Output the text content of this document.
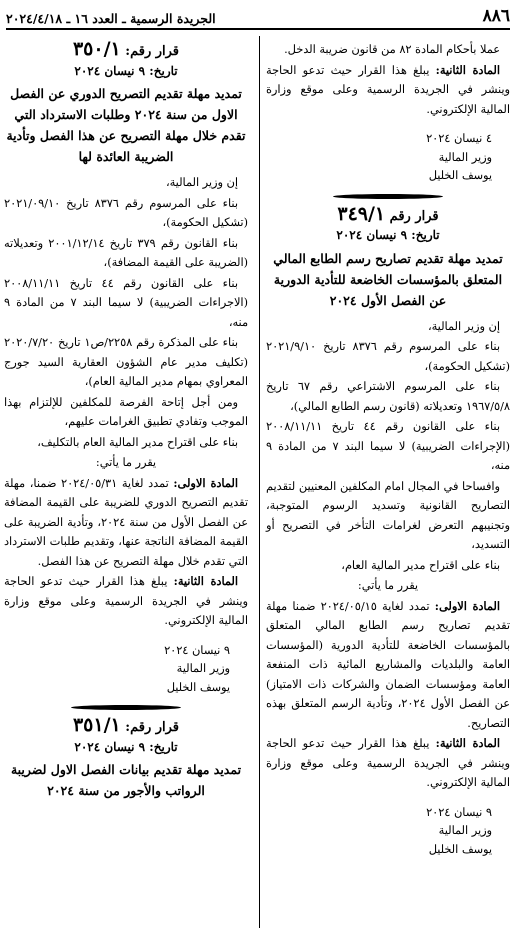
٨٨٦
الجريدة الرسمية ـ العدد ١٦ ـ ٢٠٢٤/٤/١٨

عملا بأحكام المادة ٨٢ من قانون ضريبة الدخل.

المادة الثانية: يبلغ هذا القرار حيث تدعو الحاجة وينشر في الجريدة الرسمية وعلى موقع وزارة المالية الإلكتروني.

٤ نيسان ٢٠٢٤

وزير المالية

يوسف الخليل

قرار رقم ٣٤٩/١

تاريخ: ٩ نيسان ٢٠٢٤

تمديد مهلة تقديم تصاريح رسم الطابع المالي المتعلق بالمؤسسات الخاضعة للتأدية الدورية عن الفصل الأول ٢٠٢٤

إن وزير المالية،

بناء على المرسوم رقم ٨٣٧٦ تاريخ ٢٠٢١/٩/١٠ (تشكيل الحكومة)،

بناء على المرسوم الاشتراعي رقم ٦٧ تاريخ ١٩٦٧/٥/٨ وتعديلاته (قانون رسم الطابع المالي)،

بناء على القانون رقم ٤٤ تاريخ ٢٠٠٨/١١/١١ (الإجراءات الضريبية) لا سيما البند ٧ من المادة ٩ منه،

وافساحا في المجال امام المكلفين المعنيين لتقديم التصاريح القانونية وتسديد الرسوم المتوجبة، وتجنيبهم التعرض لغرامات التأخر في التصريح أو التسديد،

بناء على اقتراح مدير المالية العام،

يقرر ما يأتي:

المادة الاولى: تمدد لغاية ٢٠٢٤/٠٥/١٥ ضمنا مهلة تقديم تصاريح رسم الطابع المالي المتعلق بالمؤسسات الخاضعة للتأدية الدورية (المؤسسات العامة والبلديات والمشاريع المائية ذات المنفعة العامة ومؤسسات الضمان والشركات ذات الامتياز) عن الفصل الأول ٢٠٢٤، وتأدية الرسم المتعلق بهذه التصاريح.

المادة الثانية: يبلغ هذا القرار حيث تدعو الحاجة وينشر في الجريدة الرسمية وعلى موقع وزارة المالية الإلكتروني.

٩ نيسان ٢٠٢٤

وزير المالية

يوسف الخليل

قرار رقم: ٣٥٠/١

تاريخ: ٩ نيسان ٢٠٢٤

تمديد مهلة تقديم التصريح الدوري عن الفصل الاول من سنة ٢٠٢٤ وطلبات الاسترداد التي تقدم خلال مهلة التصريح عن هذا الفصل وتأدية الضريبة العائدة لها

إن وزير المالية،

بناء على المرسوم رقم ٨٣٧٦ تاريخ ٢٠٢١/٠٩/١٠ (تشكيل الحكومة)،

بناء القانون رقم ٣٧٩ تاريخ ٢٠٠١/١٢/١٤ وتعديلاته (الضريبة على القيمة المضافة)،

بناء على القانون رقم ٤٤ تاريخ ٢٠٠٨/١١/١١ (الاجراءات الضريبية) لا سيما البند ٧ من المادة ٩ منه،

بناء على المذكرة رقم ٢٢٥٨/ص١ تاريخ ٢٠٢٠/٧/٢٠ (تكليف مدير عام الشؤون العقارية السيد جورج المعراوي بمهام مدير المالية العام)،

ومن أجل إتاحة الفرصة للمكلفين للإلتزام بهذا الموجب وتفادي تطبيق الغرامات عليهم،

بناء على اقتراح مدير المالية العام بالتكليف،

يقرر ما يأتي:

المادة الاولى: تمدد لغاية ٢٠٢٤/٠٥/٣١ ضمنا، مهلة تقديم التصريح الدوري للضريبة على القيمة المضافة عن الفصل الأول من سنة ٢٠٢٤، وتأدية الضريبة على القيمة المضافة الناتجة عنها، وتقديم طلبات الاسترداد التي تقدم خلال مهلة التصريح عن هذا الفصل.

المادة الثانية: يبلغ هذا القرار حيث تدعو الحاجة وينشر في الجريدة الرسمية وعلى موقع وزارة المالية الإلكتروني.

٩ نيسان ٢٠٢٤

وزير المالية

يوسف الخليل

قرار رقم: ٣٥١/١

تاريخ: ٩ نيسان ٢٠٢٤

تمديد مهلة تقديم بيانات الفصل الاول لضريبة الرواتب والأجور من سنة ٢٠٢٤
